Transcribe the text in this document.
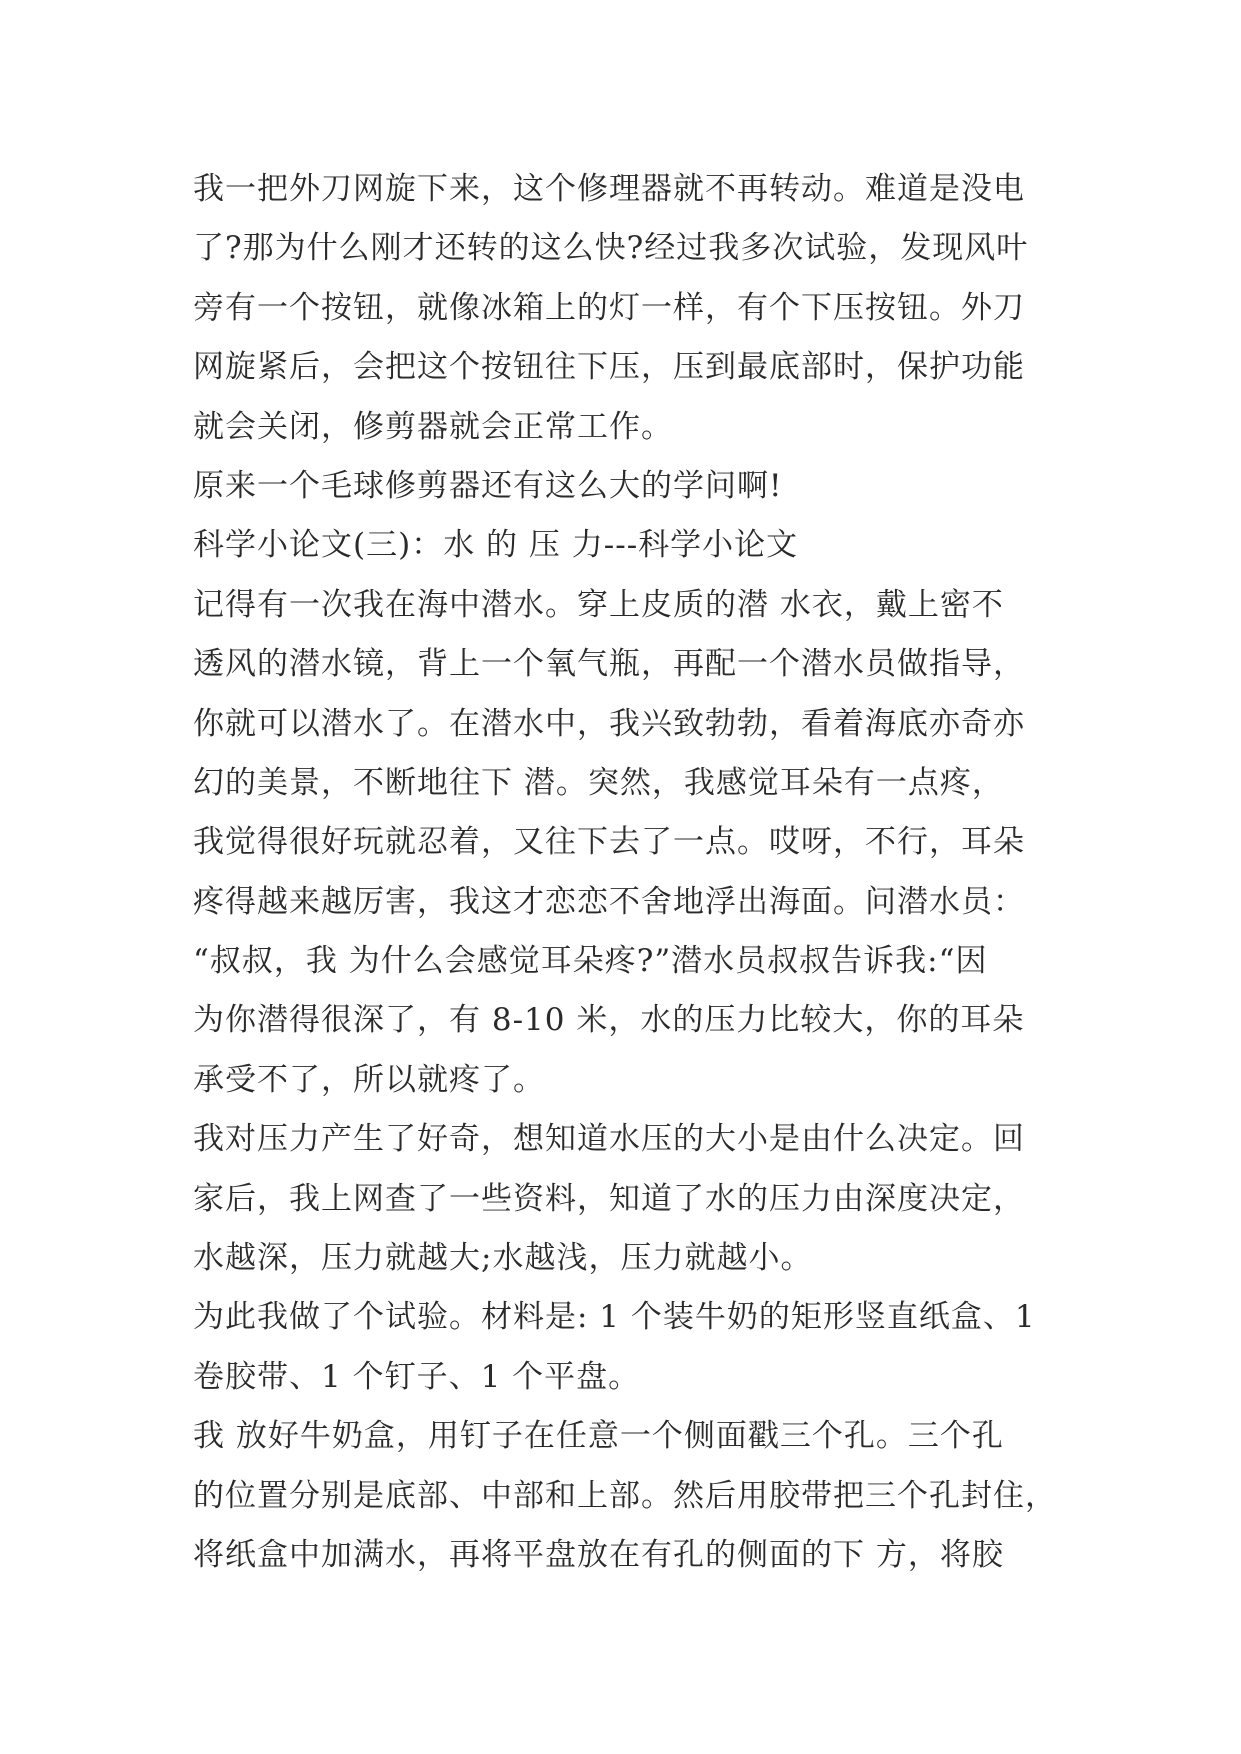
我一把外刀网旋下来，这个修理器就不再转动。难道是没电
了?那为什么刚才还转的这么快?经过我多次试验，发现风叶
旁有一个按钮，就像冰箱上的灯一样，有个下压按钮。外刀
网旋紧后，会把这个按钮往下压，压到最底部时，保护功能
就会关闭，修剪器就会正常工作。
原来一个毛球修剪器还有这么大的学问啊!
科学小论文(三)：水 的 压 力---科学小论文
记得有一次我在海中潜水。穿上皮质的潜 水衣，戴上密不
透风的潜水镜，背上一个氧气瓶，再配一个潜水员做指导，
你就可以潜水了。在潜水中，我兴致勃勃，看着海底亦奇亦
幻的美景，不断地往下 潜。突然，我感觉耳朵有一点疼，
我觉得很好玩就忍着，又往下去了一点。哎呀，不行，耳朵
疼得越来越厉害，我这才恋恋不舍地浮出海面。问潜水员：
“叔叔，我 为什么会感觉耳朵疼?”潜水员叔叔告诉我:“因
为你潜得很深了，有 8-10 米，水的压力比较大，你的耳朵
承受不了，所以就疼了。
我对压力产生了好奇，想知道水压的大小是由什么决定。回
家后，我上网查了一些资料，知道了水的压力由深度决定，
水越深，压力就越大;水越浅，压力就越小。
为此我做了个试验。材料是: 1 个装牛奶的矩形竖直纸盒、1
卷胶带、1 个钉子、1 个平盘。
我 放好牛奶盒，用钉子在任意一个侧面戳三个孔。三个孔
的位置分别是底部、中部和上部。然后用胶带把三个孔封住，
将纸盒中加满水，再将平盘放在有孔的侧面的下 方，将胶
